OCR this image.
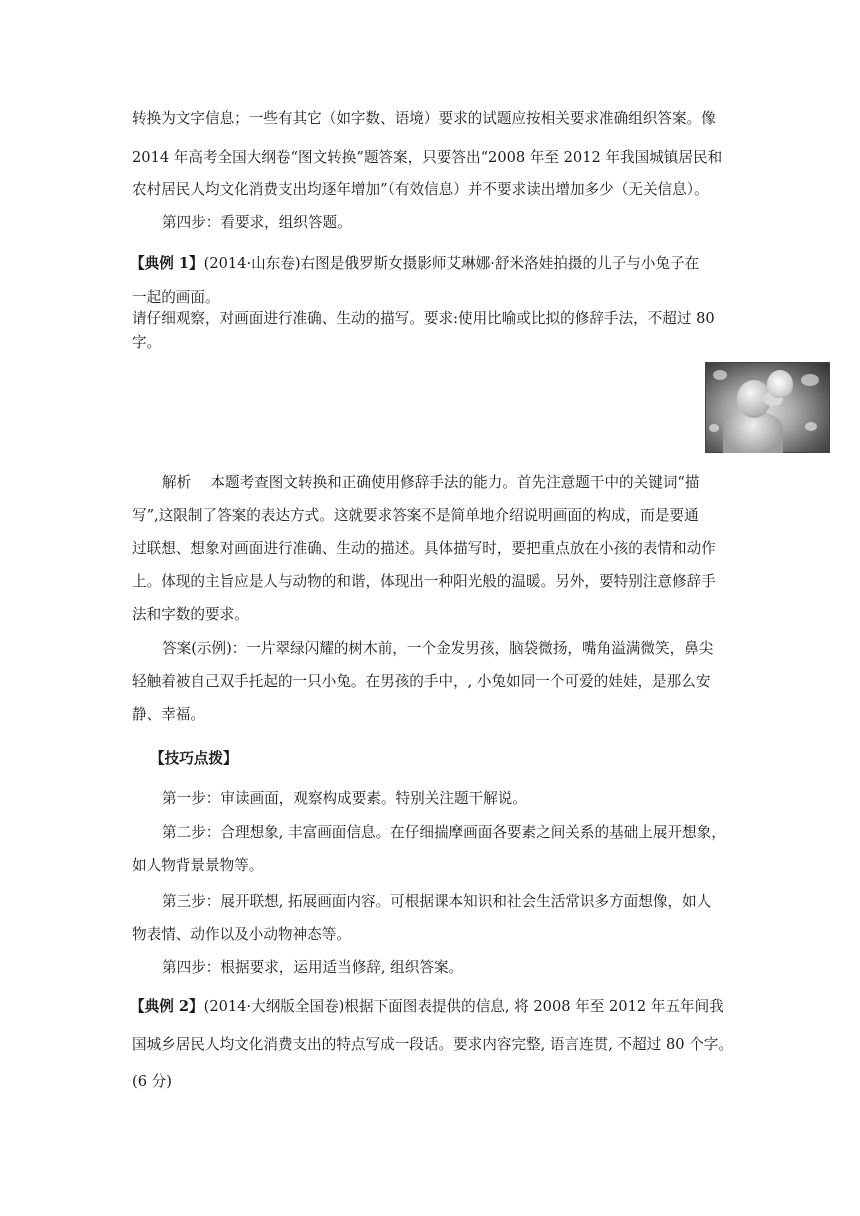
转换为文字信息；一些有其它（如字数、语境）要求的试题应按相关要求准确组织答案。像
2014 年高考全国大纲卷“图文转换”题答案，只要答出“2008 年至 2012 年我国城镇居民和
农村居民人均文化消费支出均逐年增加”（有效信息）并不要求读出增加多少（无关信息）。
第四步：看要求，组织答题。
【典例 1】(2014·山东卷)右图是俄罗斯女摄影师艾琳娜·舒米洛娃拍摄的儿子与小兔子在
一起的画面。
请仔细观察，对画面进行准确、生动的描写。要求:使用比喻或比拟的修辞手法，不超过 80
字。
解析　 本题考查图文转换和正确使用修辞手法的能力。首先注意题干中的关键词“描
写”,这限制了答案的表达方式。这就要求答案不是简单地介绍说明画面的构成，而是要通
过联想、想象对画面进行准确、生动的描述。具体描写时，要把重点放在小孩的表情和动作
上。体现的主旨应是人与动物的和谐，体现出一种阳光般的温暖。另外，要特别注意修辞手
法和字数的要求。
答案(示例)：一片翠绿闪耀的树木前，一个金发男孩，脑袋微扬，嘴角溢满微笑，鼻尖
轻触着被自己双手托起的一只小兔。在男孩的手中，, 小兔如同一个可爱的娃娃，是那么安
静、幸福。
【技巧点拨】
第一步：审读画面，观察构成要素。特别关注题干解说。
第二步：合理想象, 丰富画面信息。在仔细揣摩画面各要素之间关系的基础上展开想象，
如人物背景景物等。
第三步：展开联想, 拓展画面内容。可根据课本知识和社会生活常识多方面想像，如人
物表情、动作以及小动物神态等。
第四步：根据要求，运用适当修辞, 组织答案。
【典例 2】(2014·大纲版全国卷)根据下面图表提供的信息, 将 2008 年至 2012 年五年间我
国城乡居民人均文化消费支出的特点写成一段话。要求内容完整, 语言连贯, 不超过 80 个字。
(6 分)
